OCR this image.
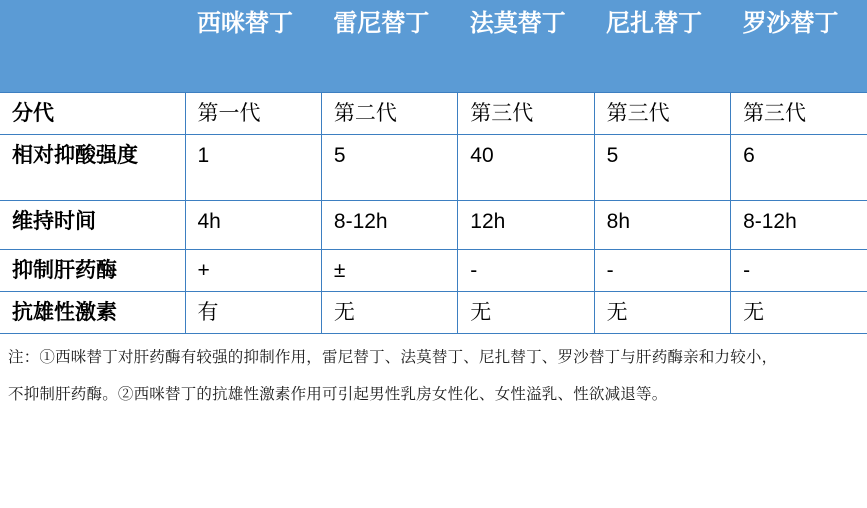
	西咪替丁	雷尼替丁	法莫替丁	尼扎替丁	罗沙替丁
分代	第一代	第二代	第三代	第三代	第三代
相对抑酸强度	1	5	40	5	6
维持时间	4h	8-12h	12h	8h	8-12h
抑制肝药酶	+	±	-	-	-
抗雄性激素	有	无	无	无	无

注：①西咪替丁对肝药酶有较强的抑制作用，雷尼替丁、法莫替丁、尼扎替丁、罗沙替丁与肝药酶亲和力较小，

不抑制肝药酶。②西咪替丁的抗雄性激素作用可引起男性乳房女性化、女性溢乳、性欲减退等。
